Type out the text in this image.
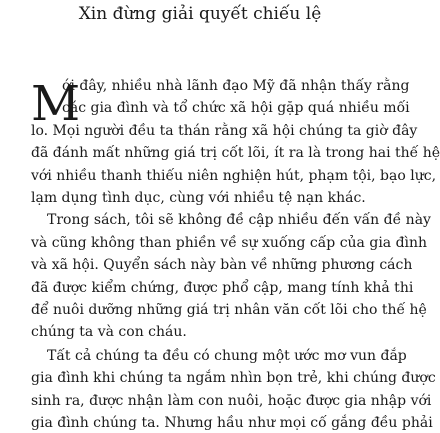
Xin đừng giải quyết chiếu lệ
M
ới đây, nhiều nhà lãnh đạo Mỹ đã nhận thấy rằng
các gia đình và tổ chức xã hội gặp quá nhiều mối
lo. Mọi người đều ta thán rằng xã hội chúng ta giờ đây
đã đánh mất những giá trị cốt lõi, ít ra là trong hai thế hệ
với nhiều thanh thiếu niên nghiện hút, phạm tội, bạo lực,
lạm dụng tình dục, cùng với nhiều tệ nạn khác.
Trong sách, tôi sẽ không đề cập nhiều đến vấn đề này
và cũng không than phiền về sự xuống cấp của gia đình
và xã hội. Quyển sách này bàn về những phương cách
đã được kiểm chứng, được phổ cập, mang tính khả thi
để nuôi dưỡng những giá trị nhân văn cốt lõi cho thế hệ
chúng ta và con cháu.
Tất cả chúng ta đều có chung một ước mơ vun đắp
gia đình khi chúng ta ngắm nhìn bọn trẻ, khi chúng được
sinh ra, được nhận làm con nuôi, hoặc được gia nhập với
gia đình chúng ta. Nhưng hầu như mọi cố gắng đều phải
